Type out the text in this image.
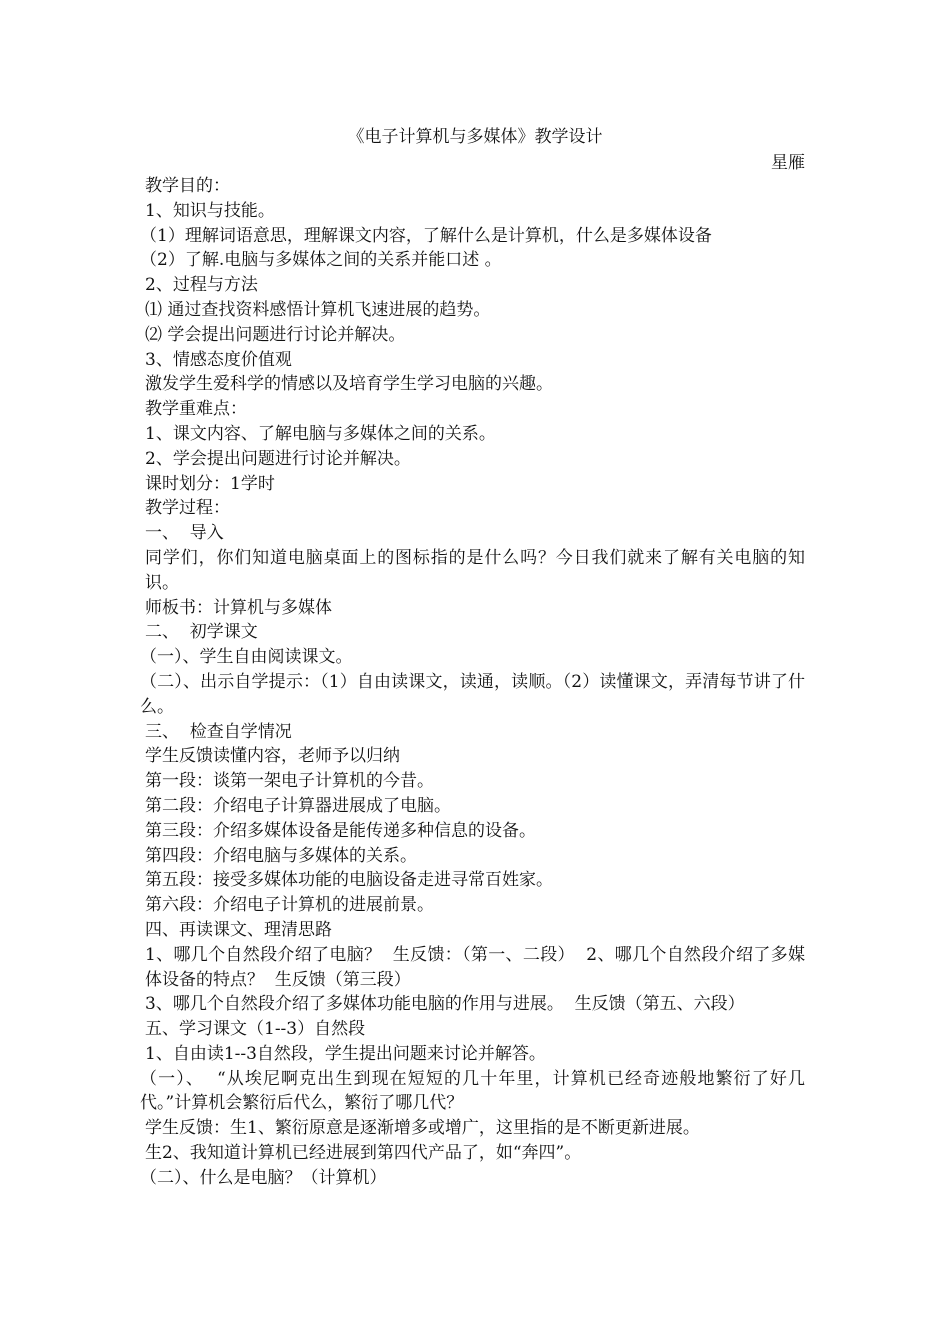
《电子计算机与多媒体》教学设计
星雁

教学目的：

1、知识与技能。

（1）理解词语意思，理解课文内容，了解什么是计算机，什么是多媒体设备

（2）了解.电脑与多媒体之间的关系并能口述 。

2、过程与方法

⑴ 通过查找资料感悟计算机飞速进展的趋势。

⑵ 学会提出问题进行讨论并解决。

3、情感态度价值观

激发学生爱科学的情感以及培育学生学习电脑的兴趣。

教学重难点：

1、课文内容、了解电脑与多媒体之间的关系。

2、学会提出问题进行讨论并解决。

课时划分：1学时

教学过程：

一、  导入

同学们，你们知道电脑桌面上的图标指的是什么吗？今日我们就来了解有关电脑的知识。

师板书：计算机与多媒体

二、  初学课文

（一）、学生自由阅读课文。

（二）、出示自学提示：（1）自由读课文，读通，读顺。（2）读懂课文，弄清每节讲了什么。

三、  检查自学情况

学生反馈读懂内容，老师予以归纳

第一段：谈第一架电子计算机的今昔。

第二段：介绍电子计算器进展成了电脑。

第三段：介绍多媒体设备是能传递多种信息的设备。

第四段：介绍电脑与多媒体的关系。

第五段：接受多媒体功能的电脑设备走进寻常百姓家。

第六段：介绍电子计算机的进展前景。

四、再读课文、理清思路

1、哪几个自然段介绍了电脑？  生反馈：（第一、二段）  2、哪几个自然段介绍了多媒体设备的特点？  生反馈（第三段）

3、哪几个自然段介绍了多媒体功能电脑的作用与进展。  生反馈（第五、六段）

五、学习课文（1--3）自然段

1、自由读1--3自然段，学生提出问题来讨论并解答。

（一）、  “从埃尼啊克出生到现在短短的几十年里，计算机已经奇迹般地繁衍了好几代。”计算机会繁衍后代么，繁衍了哪几代？

学生反馈：生1、繁衍原意是逐渐增多或增广，这里指的是不断更新进展。

生2、我知道计算机已经进展到第四代产品了，如“奔四”。

（二）、什么是电脑？（计算机）
